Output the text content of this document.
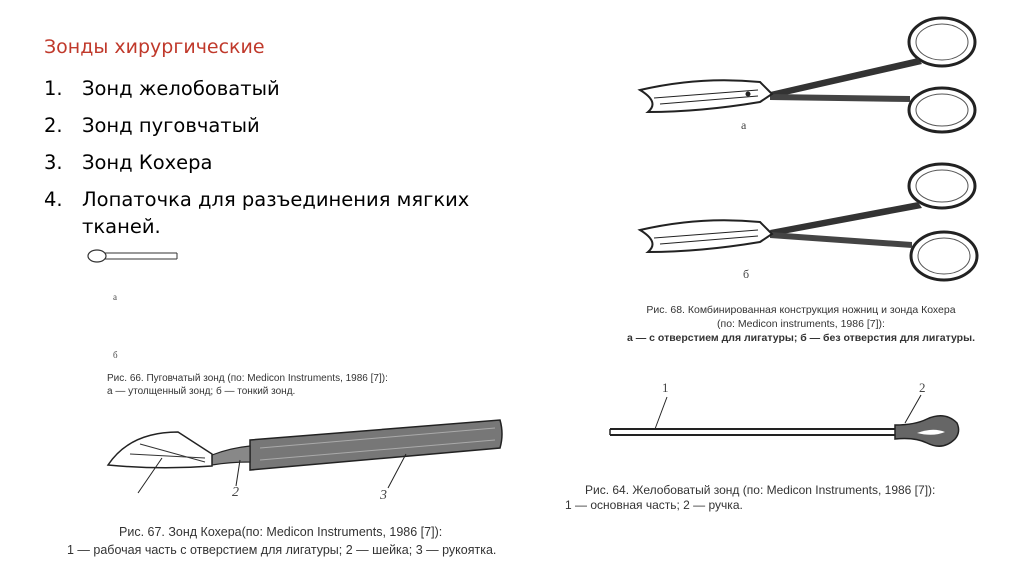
Зонды хирургические
1. Зонд желобоватый
2. Зонд пуговчатый
3. Зонд Кохера
4. Лопаточка для разъединения мягких тканей.
а
б
Рис. 66. Пуговчатый зонд (по: Medicon Instruments, 1986 [7]):
а — утолщенный зонд; б — тонкий зонд.
2	3
Рис. 67. Зонд Кохера(по: Medicon Instruments, 1986 [7]):
1 — рабочая часть с отверстием для лигатуры; 2 — шейка; 3 — рукоятка.
а
б
Рис. 68. Комбинированная конструкция ножниц и зонда Кохера
(по: Medicon instruments, 1986 [7]):
а — с отверстием для лигатуры; б — без отверстия для лигатуры.
1	2
Рис. 64. Желобоватый зонд (по: Medicon Instruments, 1986 [7]):
1 — основная часть; 2 — ручка.
